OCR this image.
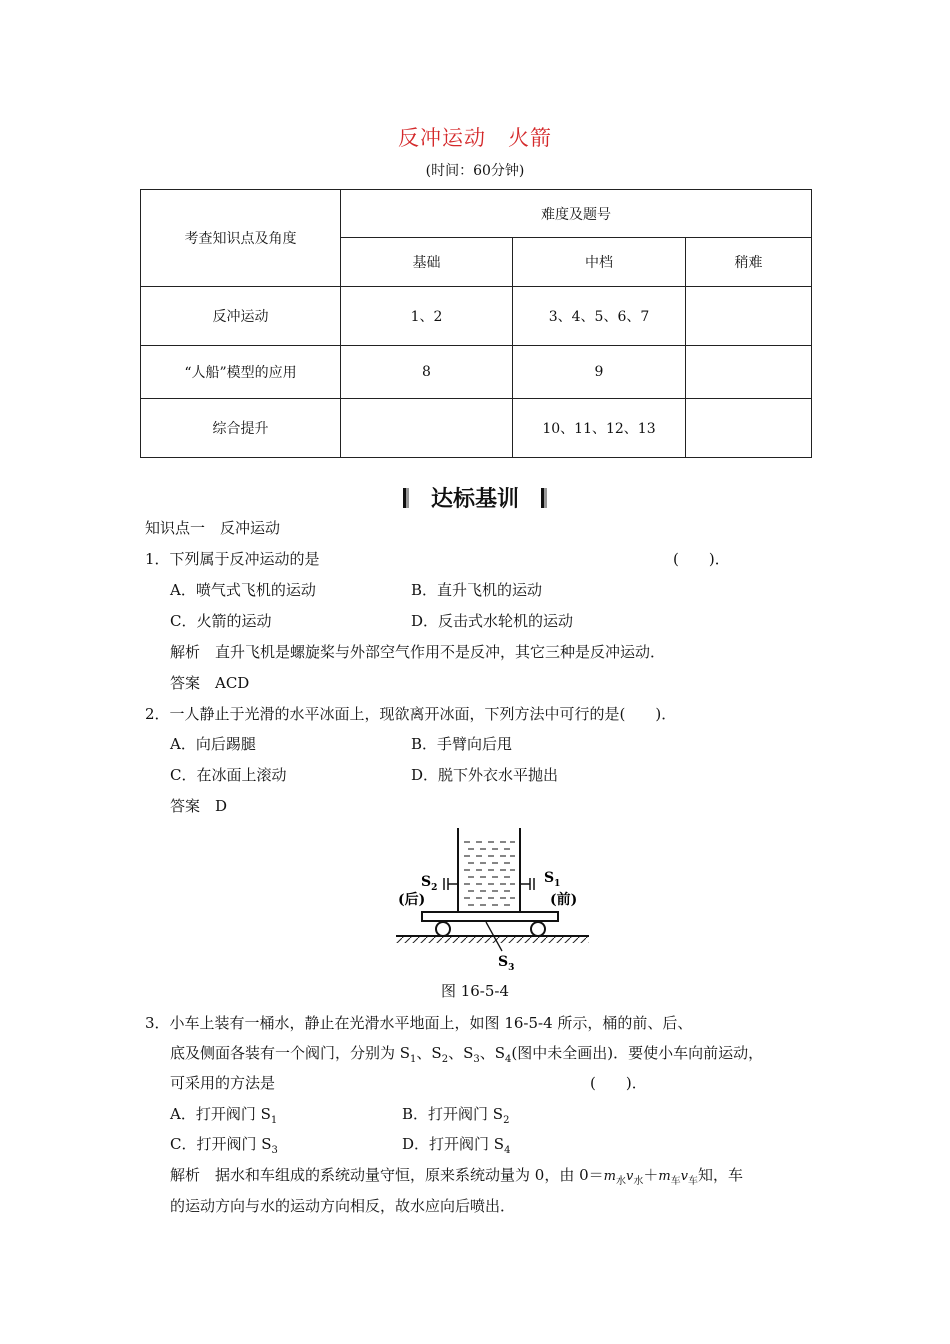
反冲运动　火箭
(时间：60分钟)
考查知识点及角度	难度及题号		
	基础	中档	稍难
反冲运动	1、2	3、4、5、6、7	
“人船”模型的应用	8	9	
综合提升		10、11、12、13	
达标基训
知识点一　反冲运动
1．下列属于反冲运动的是	(　　)．
A．喷气式飞机的运动	B．直升飞机的运动
C．火箭的运动	D．反击式水轮机的运动
解析　直升飞机是螺旋桨与外部空气作用不是反冲，其它三种是反冲运动．
答案　ACD
2．一人静止于光滑的水平冰面上，现欲离开冰面，下列方法中可行的是(　　)．
A．向后踢腿	B．手臂向后甩
C．在冰面上滚动	D．脱下外衣水平抛出
答案　D
$S_2$
$S_1$
(后)	(前)
$S_3$
图 16-5-4
3．小车上装有一桶水，静止在光滑水平地面上，如图 16-5-4 所示，桶的前、后、
底及侧面各装有一个阀门，分别为 $S_1$、$S_2$、$S_3$、$S_4$(图中未全画出)．要使小车向前运动，
可采用的方法是	(　　)．
A．打开阀门 $S_1$	B．打开阀门 $S_2$
C．打开阀门 $S_3$	D．打开阀门 $S_4$
解析　据水和车组成的系统动量守恒，原来系统动量为 0，由 $0=m_水v_水+m_车v_车$知，车
的运动方向与水的运动方向相反，故水应向后喷出．
